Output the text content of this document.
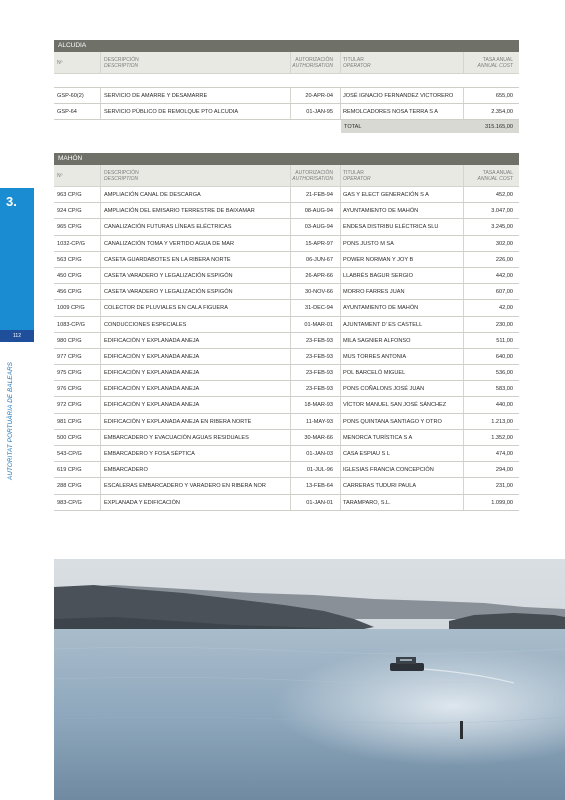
3.
112
AUTORITAT PORTUÀRIA DE BALEARS
ALCUDIA
Nº	DESCRIPCIÓN
DESCRIPTION
AUTORIZACIÓN
AUTHORISATION
TITULAR
OPERATOR
TASA ANUAL
ANNUAL COST
GSP-60(2)	SERVICIO DE AMARRE Y DESAMARRE	20-APR-04 JOSÉ IGNACIO FERNANDEZ VICTORERO	655,00
GSP-64	SERVICIO PÚBLICO DE REMOLQUE PTO ALCUDIA	01-JAN-95 REMOLCADORES NOSA TERRA S A	2.354,00
TOTAL	315.165,00
MAHÓN
Nº	DESCRIPCIÓN
DESCRIPTION
AUTORIZACIÓN
AUTHORISATION
TITULAR
OPERATOR
TASA ANUAL
ANNUAL COST
963 CP/G	AMPLIACIÓN CANAL DE DESCARGA	21-FEB-94 GAS Y ELECT GENERACIÓN S A	452,00
924 CP/G	AMPLIACIÓN DEL EMISARIO TERRESTRE DE BAIXAMAR	08-AUG-94 AYUNTAMIENTO DE MAHÓN	3.047,00
965 CP/G	CANALIZACIÓN FUTURAS LÍNEAS ELÉCTRICAS	03-AUG-94 ENDESA DISTRIBU ELÉCTRICA SLU	3.245,00
1032-CP/G	CANALIZACIÓN TOMA Y VERTIDO AGUA DE MAR	15-APR-97 PONS JUSTO M SA	302,00
563 CP/G	CASETA GUARDABOTES EN LA RIBERA NORTE	06-JUN-67 POWER NORMAN Y JOY B	226,00
450 CP/G	CASETA VARADERO Y LEGALIZACIÓN ESPIGÓN	26-APR-66 LLABRÉS BAGUR SERGIO	442,00
456 CP/G	CASETA VARADERO Y LEGALIZACIÓN ESPIGÓN	30-NOV-66 MORRO FARRES JUAN	607,00
1009 CP/G	COLECTOR DE PLUVIALES EN CALA FIGUERA	31-DEC-94 AYUNTAMIENTO DE MAHÓN	42,00
1083-CP/G	CONDUCCIONES ESPECIALES	01-MAR-01 AJUNTAMENT D' ES CASTELL	230,00
980 CP/G	EDIFICACIÓN Y EXPLANADA ANEJA	23-FEB-93 MILA SAGNIER ALFONSO	511,00
977 CP/G	EDIFICACIÓN Y EXPLANADA ANEJA	23-FEB-93 MUS TORRES ANTONIA	640,00
975 CP/G	EDIFICACIÓN Y EXPLANADA ANEJA	23-FEB-93 POL BARCELÓ MIGUEL	536,00
976 CP/G	EDIFICACIÓN Y EXPLANADA ANEJA	23-FEB-93 PONS COÑALONS JOSÉ JUAN	583,00
972 CP/G	EDIFICACIÓN Y EXPLANADA ANEJA	18-MAR-93 VÍCTOR MANUEL SAN JOSÉ SÁNCHEZ	440,00
981 CP/G	EDIFICACIÓN Y EXPLANADA ANEJA EN RIBERA NORTE	11-MAY-93 PONS QUINTANA SANTIAGO Y OTRO	1.213,00
500 CP/G	EMBARCADERO Y EVACUACIÓN AGUAS RESIDUALES	30-MAR-66 MENORCA TURÍSTICA S A	1.352,00
543-CP/G	EMBARCADERO Y FOSA SÉPTICA	01-JAN-03 CASA ESPIAU S L	474,00
619 CP/G	EMBARCADERO	01-JUL-96 IGLESIAS FRANCIA CONCEPCIÓN	294,00
288 CP/G	ESCALERAS EMBARCADERO Y VARADERO EN RIBERA NOR	13-FEB-64 CARRERAS TUDURI PAULA	231,00
983-CP/G	EXPLANADA Y EDIFICACIÓN	01-JAN-01 TARAMPARO, S.L.	1.099,00
